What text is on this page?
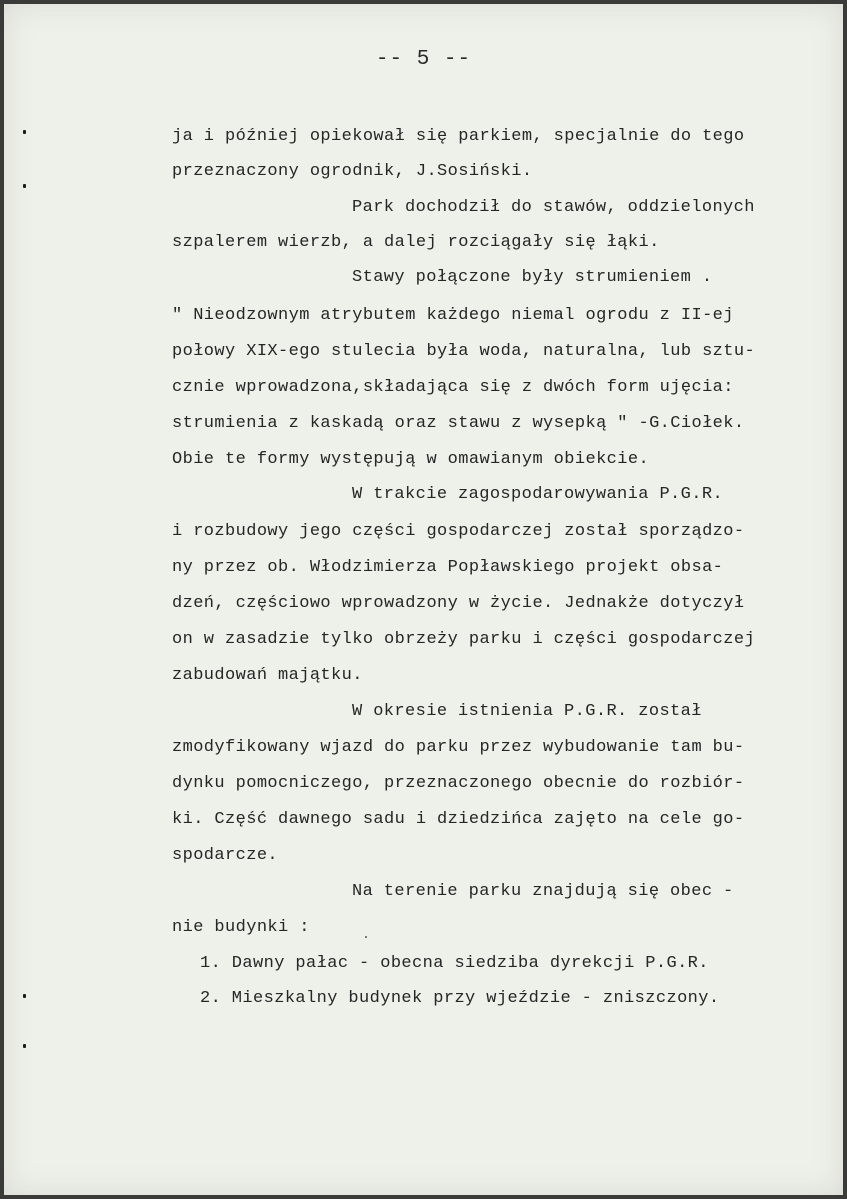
-- 5 --
ja i później opiekował się parkiem, specjalnie do tego
przeznaczony ogrodnik, J.Sosiński.
Park dochodził do stawów, oddzielonych
szpalerem wierzb, a dalej rozciągały się łąki.
Stawy połączone były strumieniem .
" Nieodzownym atrybutem każdego niemal ogrodu z II-ej
połowy XIX-ego stulecia była woda, naturalna, lub sztu-
cznie wprowadzona,składająca się z dwóch form ujęcia:
strumienia z kaskadą oraz stawu z wysepką " -G.Ciołek.
Obie te formy występują w omawianym obiekcie.
W trakcie zagospodarowywania P.G.R.
i rozbudowy jego części gospodarczej został sporządzo-
ny przez ob. Włodzimierza Popławskiego projekt obsa-
dzeń, częściowo wprowadzony w życie. Jednakże dotyczył
on w zasadzie tylko obrzeży parku i części gospodarczej
zabudowań majątku.
W okresie istnienia P.G.R. został
zmodyfikowany wjazd do parku przez wybudowanie tam bu-
dynku pomocniczego, przeznaczonego obecnie do rozbiór-
ki. Część dawnego sadu i dziedzińca zajęto na cele go-
spodarcze.
Na terenie parku znajdują się obec -
nie budynki :
1. Dawny pałac - obecna siedziba dyrekcji P.G.R.
2. Mieszkalny budynek przy wjeździe - zniszczony.
